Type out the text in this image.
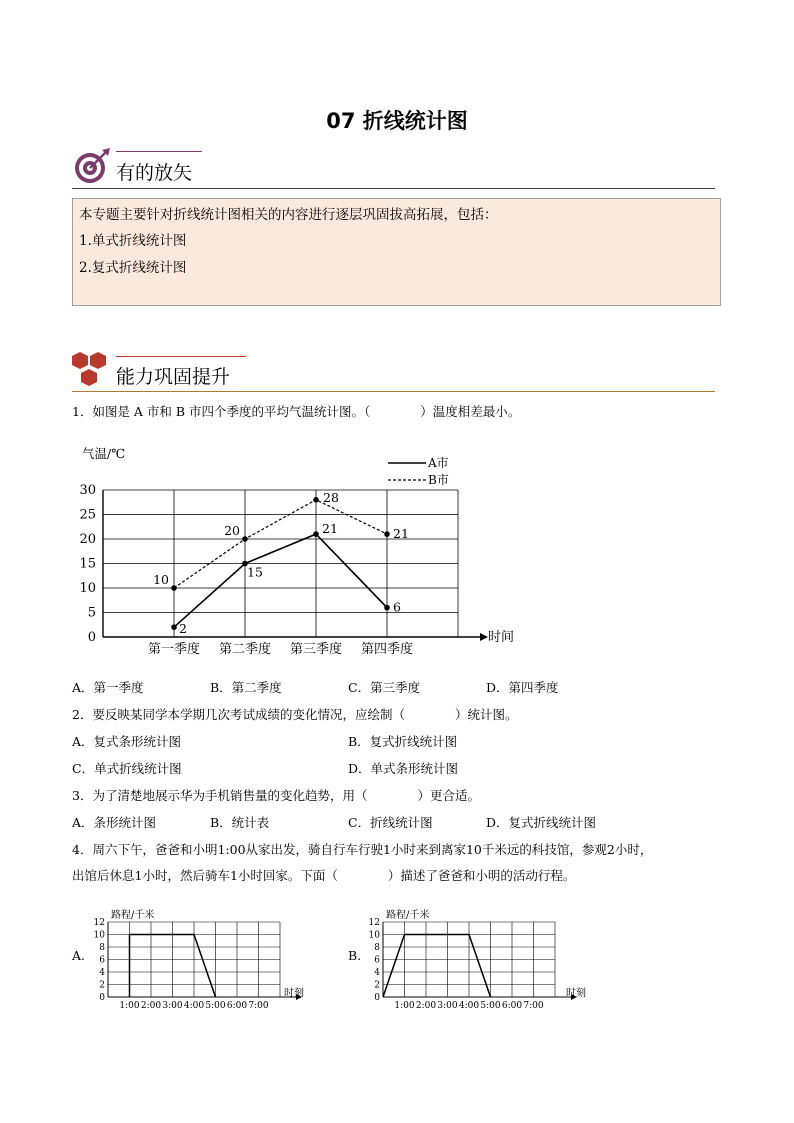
07 折线统计图
有的放矢
本专题主要针对折线统计图相关的内容进行逐层巩固拔高拓展，包括：
1.单式折线统计图
2.复式折线统计图
能力巩固提升
1．如图是 A 市和 B 市四个季度的平均气温统计图。（　　　　）温度相差最小。
气温/℃
0
5
10
15
20
25
30
第一季度 第二季度 第三季度 第四季度
时间
A市
B市
2
15
21
6
10
20
28
21
A．第一季度	B．第二季度	C．第三季度	D．第四季度
2．要反映某同学本学期几次考试成绩的变化情况，应绘制（　　　　）统计图。
A．复式条形统计图	B．复式折线统计图
C．单式折线统计图	D．单式条形统计图
3．为了清楚地展示华为手机销售量的变化趋势，用（　　　　）更合适。
A．条形统计图	B．统计表	C．折线统计图	D．复式折线统计图
4．周六下午，爸爸和小明1:00从家出发，骑自行车行驶1小时来到离家10千米远的科技馆，参观2小时，
出馆后休息1小时，然后骑车1小时回家。下面（　　　　）描述了爸爸和小明的活动行程。
A.
路程/千米
0
2
4
6
8
10
12
1:00 2:00 3:00 4:00 5:00 6:00 7:00
时刻
B.
路程/千米
0
2
4
6
8
10
12
1:00 2:00 3:00 4:00 5:00 6:00 7:00
时刻
